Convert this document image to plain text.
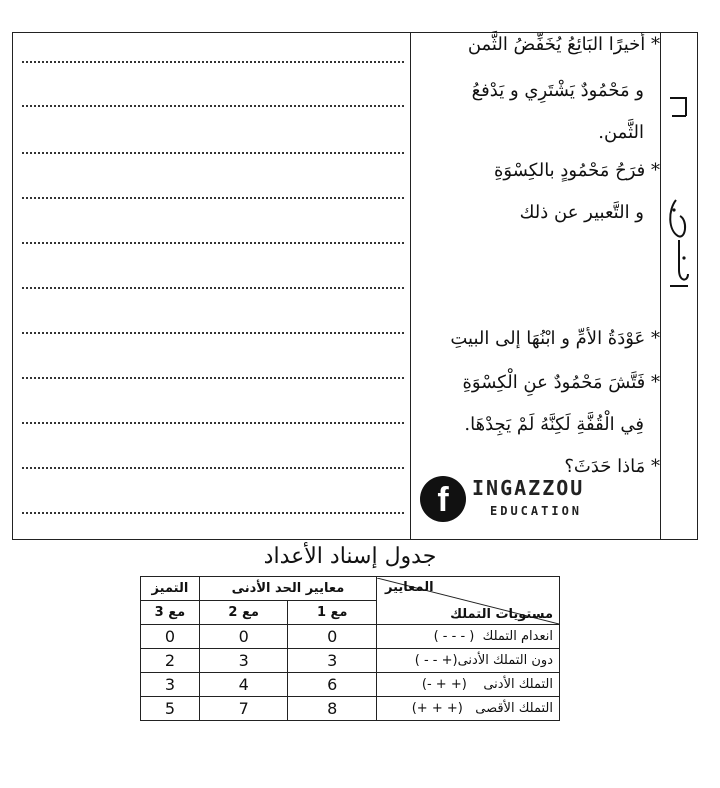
* أخيرًا البَائِعُ يُخَفِّضُ الثَّمن
و مَحْمُودٌ يَشْتَرِي و يَدْفعُ
الثَّمن.
* فرَحُ مَحْمُودٍ بالكِسْوَةِ
و التَّعبير عن ذلك
* عَوْدَةُ الأمِّ و ابْنُهَا إلى البيتِ
* فَتَّشَ مَحْمُودٌ عنِ الْكِسْوَةِ
فِي الْقُفَّةِ لَكِنَّهُ لَمْ يَجِدْهَا.
* مَاذا حَدَثَ؟
f	INGAZZOU
EDUCATION
جدول إسناد الأعداد
المعايير
مستويات التملك	معايير الحد الأدنى		التميز
	مع 1	مع 2	مع 3
انعدام التملك  ( - - - )	0	0	0
دون التملك الأدنى(+ - - )	3	3	2
التملك الأدنى    (+ + -)	6	4	3
التملك الأقصى   (+ + +)	8	7	5
